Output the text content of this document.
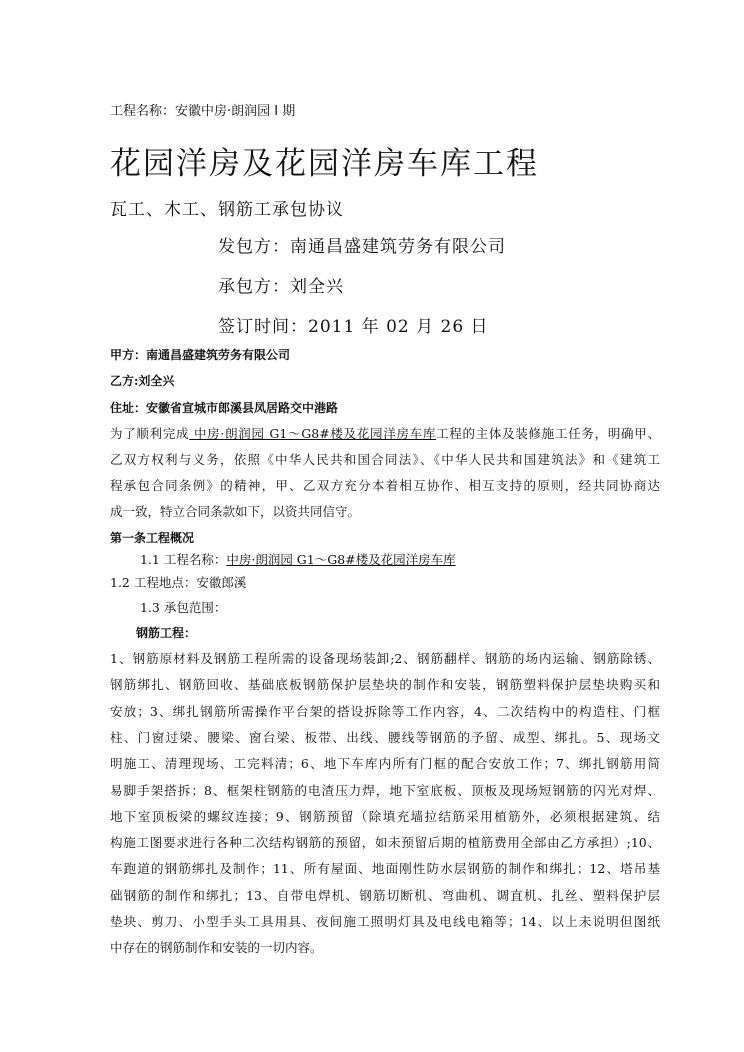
工程名称：安徽中房·朗润园 I 期
花园洋房及花园洋房车库工程
瓦工、木工、钢筋工承包协议
发包方：南通昌盛建筑劳务有限公司
承包方：刘全兴
签订时间：2011 年 02 月 26 日
甲方：南通昌盛建筑劳务有限公司
乙方:刘全兴
住址：安徽省宣城市郎溪县凤居路交中港路
为了顺利完成 中房·朗润园 G1～G8#楼及花园洋房车库工程的主体及装修施工任务，明确甲、
乙双方权利与义务，依照《中华人民共和国合同法》、《中华人民共和国建筑法》和《建筑工
程承包合同条例》的精神，甲、乙双方充分本着相互协作、相互支持的原则，经共同协商达
成一致，特立合同条款如下，以资共同信守。
第一条工程概况
1.1 工程名称：中房·朗润园 G1～G8#楼及花园洋房车库
1.2 工程地点：安徽郎溪
1.3 承包范围：
钢筋工程：
1、钢筋原材料及钢筋工程所需的设备现场装卸;2、钢筋翻样、钢筋的场内运输、钢筋除锈、
钢筋绑扎、钢筋回收、基础底板钢筋保护层垫块的制作和安装，钢筋塑料保护层垫块购买和
安放；3、绑扎钢筋所需操作平台架的搭设拆除等工作内容，4、二次结构中的构造柱、门框
柱、门窗过梁、腰梁、窗台梁、板带、出线、腰线等钢筋的予留、成型、绑扎。5、现场文
明施工、清理现场、工完料清；6、地下车库内所有门框的配合安放工作；7、绑扎钢筋用简
易脚手架搭拆；8、框架柱钢筋的电渣压力焊，地下室底板、顶板及现场短钢筋的闪光对焊、
地下室顶板梁的螺纹连接；9、钢筋预留（除填充墙拉结筋采用植筋外，必须根据建筑、结
构施工图要求进行各种二次结构钢筋的预留，如未预留后期的植筋费用全部由乙方承担）;10、
车跑道的钢筋绑扎及制作；11、所有屋面、地面刚性防水层钢筋的制作和绑扎；12、塔吊基
础钢筋的制作和绑扎；13、自带电焊机、钢筋切断机、弯曲机、调直机、扎丝、塑料保护层
垫块、剪刀、小型手头工具用具、夜间施工照明灯具及电线电箱等；14、以上未说明但图纸
中存在的钢筋制作和安装的一切内容。
